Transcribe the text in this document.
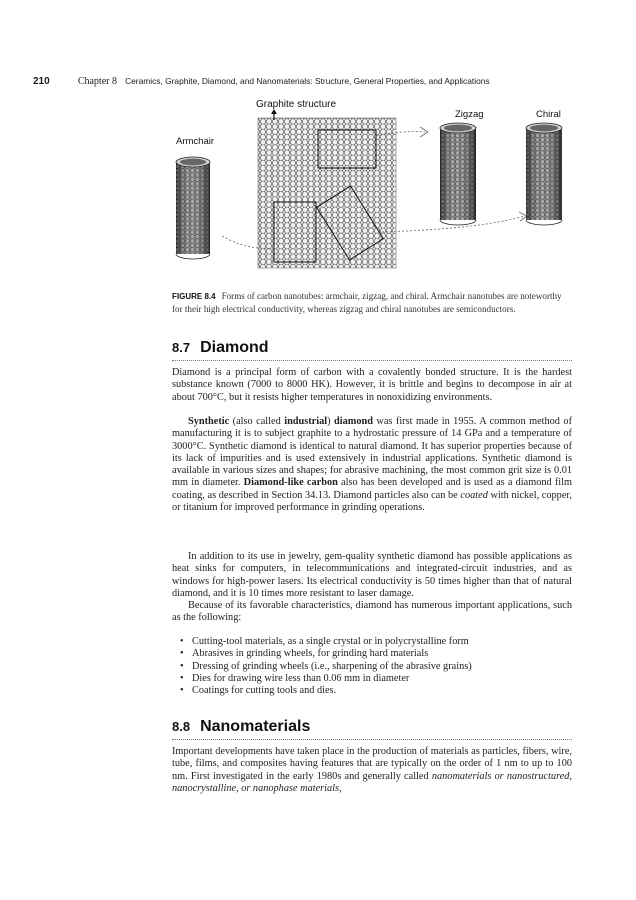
210	Chapter 8 Ceramics, Graphite, Diamond, and Nanomaterials: Structure, General Properties, and Applications
Graphite structure
Armchair
Zigzag	Chiral
FIGURE 8.4 Forms of carbon nanotubes: armchair, zigzag, and chiral. Armchair nanotubes are noteworthy for their high electrical conductivity, whereas zigzag and chiral nanotubes are semiconductors.
8.7 Diamond
Diamond is a principal form of carbon with a covalently bonded structure. It is the hardest substance known (7000 to 8000 HK). However, it is brittle and begins to decompose in air at about 700°C, but it resists higher temperatures in nonoxidizing environments.
Synthetic (also called industrial) diamond was first made in 1955. A common method of manufacturing it is to subject graphite to a hydrostatic pressure of 14 GPa and a temperature of 3000°C. Synthetic diamond is identical to natural diamond. It has superior properties because of its lack of impurities and is used extensively in industrial applications. Synthetic diamond is available in various sizes and shapes; for abrasive machining, the most common grit size is 0.01 mm in diameter. Diamond-like carbon also has been developed and is used as a diamond film coating, as described in Section 34.13. Diamond particles also can be coated with nickel, copper, or titanium for improved performance in grinding operations.
In addition to its use in jewelry, gem-quality synthetic diamond has possible applications as heat sinks for computers, in telecommunications and integrated-circuit industries, and as windows for high-power lasers. Its electrical conductivity is 50 times higher than that of natural diamond, and it is 10 times more resistant to laser damage.
Because of its favorable characteristics, diamond has numerous important applications, such as the following:
• Cutting-tool materials, as a single crystal or in polycrystalline form
• Abrasives in grinding wheels, for grinding hard materials
• Dressing of grinding wheels (i.e., sharpening of the abrasive grains)
• Dies for drawing wire less than 0.06 mm in diameter
• Coatings for cutting tools and dies.
8.8 Nanomaterials
Important developments have taken place in the production of materials as particles, fibers, wire, tube, films, and composites having features that are typically on the order of 1 nm to up to 100 nm. First investigated in the early 1980s and generally called nanomaterials or nanostructured, nanocrystalline, or nanophase materials,
